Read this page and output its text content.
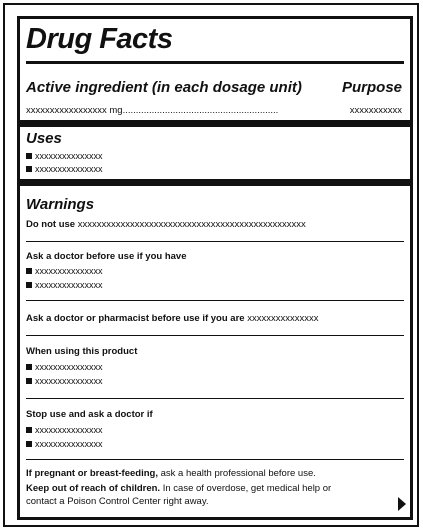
Drug Facts
Active ingredient (in each dosage unit)	Purpose
xxxxxxxxxxxxxxxxx mg...........................................................	xxxxxxxxxxx
Uses
xxxxxxxxxxxxxxx
xxxxxxxxxxxxxxx
Warnings
Do not use xxxxxxxxxxxxxxxxxxxxxxxxxxxxxxxxxxxxxxxxxxxxxxxx
Ask a doctor before use if you have
xxxxxxxxxxxxxxx
xxxxxxxxxxxxxxx
Ask a doctor or pharmacist before use if you are xxxxxxxxxxxxxxx
When using this product
xxxxxxxxxxxxxxx
xxxxxxxxxxxxxxx
Stop use and ask a doctor if
xxxxxxxxxxxxxxx
xxxxxxxxxxxxxxx
If pregnant or breast-feeding, ask a health professional before use.
Keep out of reach of children. In case of overdose, get medical help or
contact a Poison Control Center right away.
